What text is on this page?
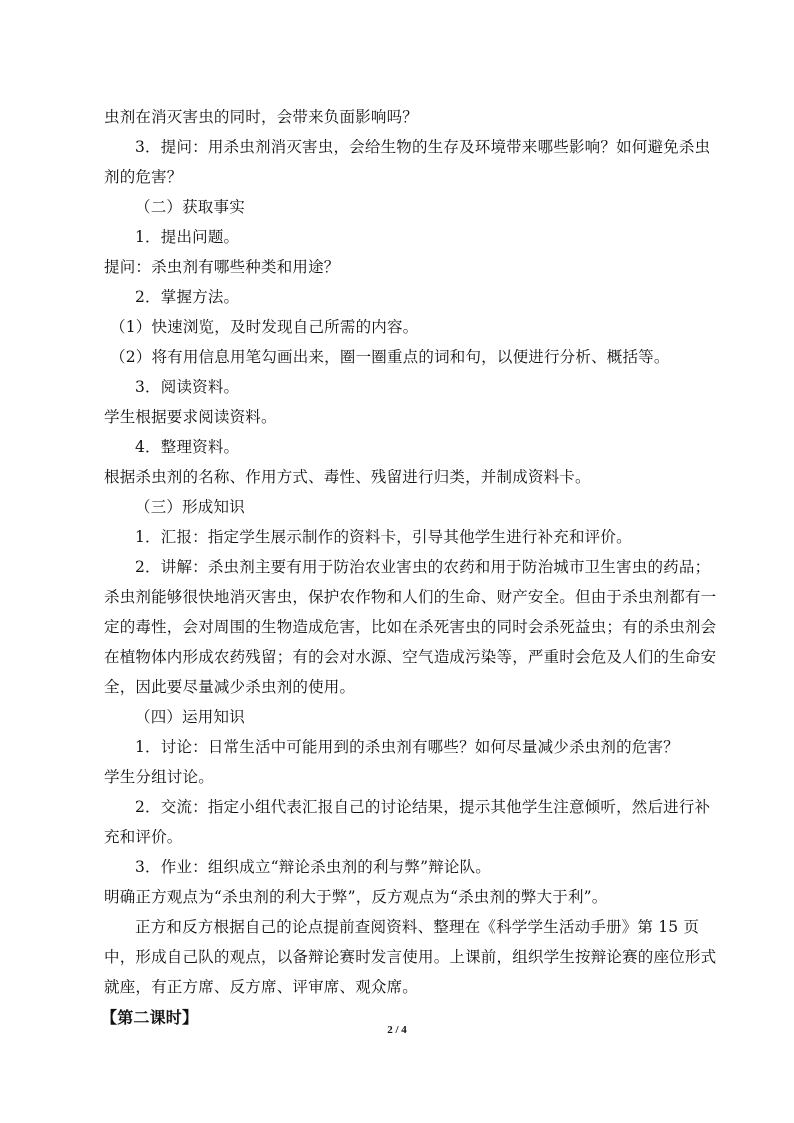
虫剂在消灭害虫的同时，会带来负面影响吗？

3．提问：用杀虫剂消灭害虫，会给生物的生存及环境带来哪些影响？如何避免杀虫剂的危害？

（二）获取事实

1．提出问题。

提问：杀虫剂有哪些种类和用途？

2．掌握方法。

（1）快速浏览，及时发现自己所需的内容。

（2）将有用信息用笔勾画出来，圈一圈重点的词和句，以便进行分析、概括等。

3．阅读资料。

学生根据要求阅读资料。

4．整理资料。

根据杀虫剂的名称、作用方式、毒性、残留进行归类，并制成资料卡。

（三）形成知识

1．汇报：指定学生展示制作的资料卡，引导其他学生进行补充和评价。

2．讲解：杀虫剂主要有用于防治农业害虫的农药和用于防治城市卫生害虫的药品；杀虫剂能够很快地消灭害虫，保护农作物和人们的生命、财产安全。但由于杀虫剂都有一定的毒性，会对周围的生物造成危害，比如在杀死害虫的同时会杀死益虫；有的杀虫剂会在植物体内形成农药残留；有的会对水源、空气造成污染等，严重时会危及人们的生命安全，因此要尽量减少杀虫剂的使用。

（四）运用知识

1．讨论：日常生活中可能用到的杀虫剂有哪些？如何尽量减少杀虫剂的危害？

学生分组讨论。

2．交流：指定小组代表汇报自己的讨论结果，提示其他学生注意倾听，然后进行补充和评价。

3．作业：组织成立“辩论杀虫剂的利与弊”辩论队。

明确正方观点为“杀虫剂的利大于弊”，反方观点为“杀虫剂的弊大于利”。

正方和反方根据自己的论点提前查阅资料、整理在《科学学生活动手册》第 15 页中，形成自己队的观点，以备辩论赛时发言使用。上课前，组织学生按辩论赛的座位形式就座，有正方席、反方席、评审席、观众席。

【第二课时】

2 / 4
